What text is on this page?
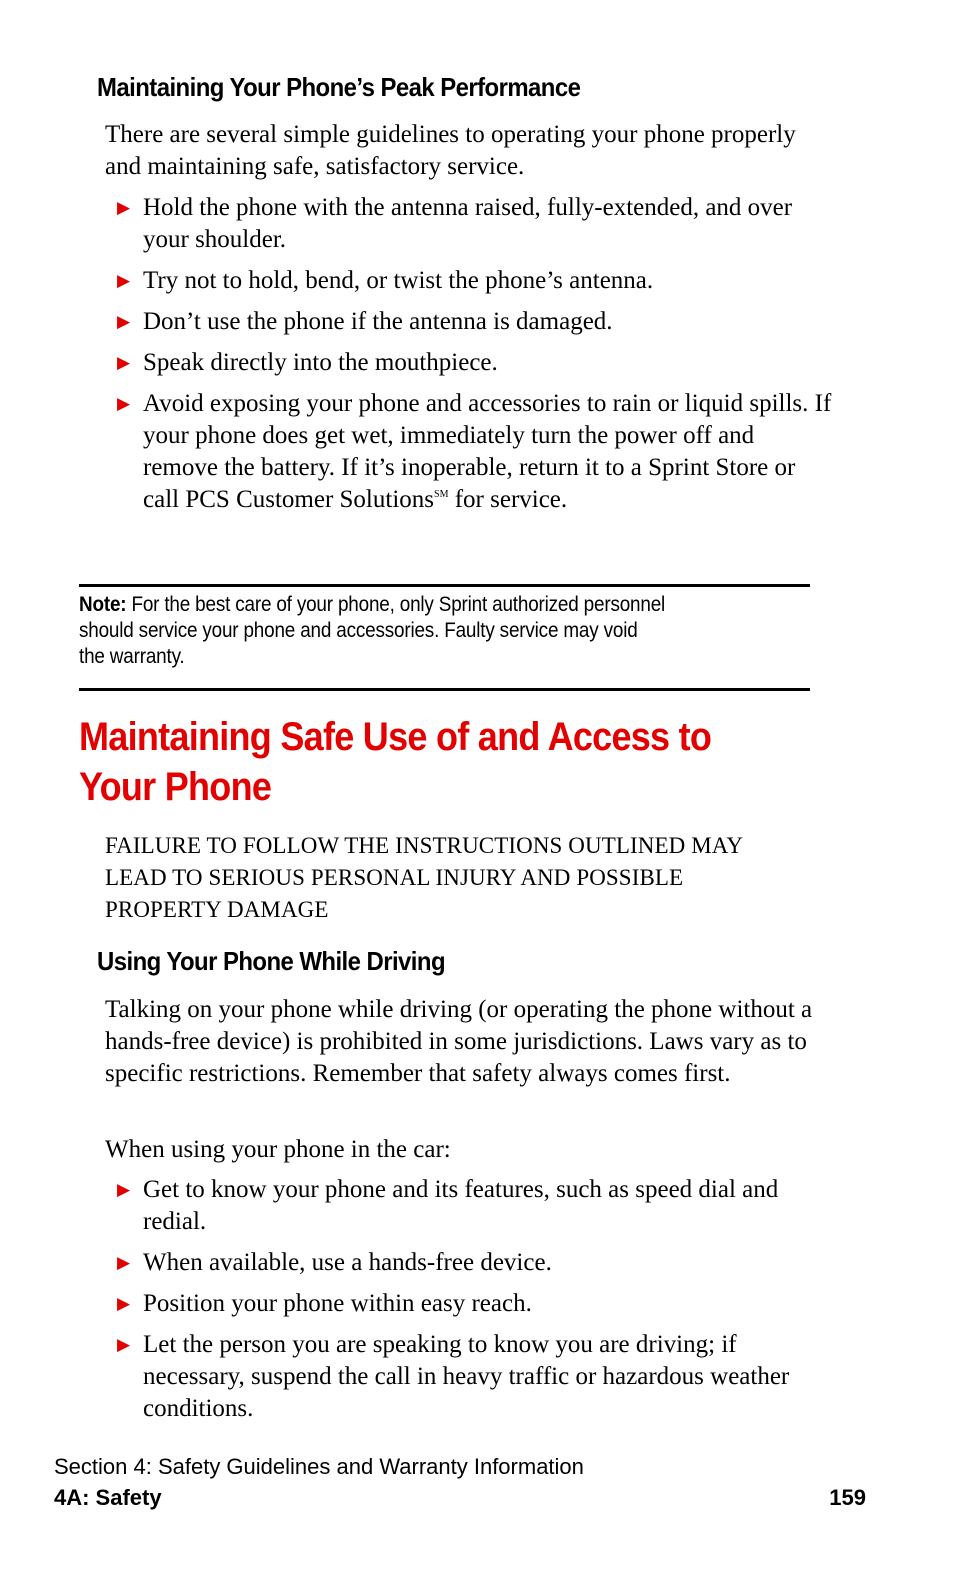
Maintaining Your Phone’s Peak Performance

There are several simple guidelines to operating your phone properly and maintaining safe, satisfactory service.

▶ Hold the phone with the antenna raised, fully-extended, and over your shoulder.
▶ Try not to hold, bend, or twist the phone’s antenna.
▶ Don’t use the phone if the antenna is damaged.
▶ Speak directly into the mouthpiece.
▶ Avoid exposing your phone and accessories to rain or liquid spills. If your phone does get wet, immediately turn the power off and remove the battery. If it’s inoperable, return it to a Sprint Store or call PCS Customer Solutions℠ for service.

Note: For the best care of your phone, only Sprint authorized personnel
should service your phone and accessories. Faulty service may void
the warranty.

Maintaining Safe Use of and Access to
Your Phone

FAILURE TO FOLLOW THE INSTRUCTIONS OUTLINED MAY
LEAD TO SERIOUS PERSONAL INJURY AND POSSIBLE
PROPERTY DAMAGE

Using Your Phone While Driving

Talking on your phone while driving (or operating the phone without a hands-free device) is prohibited in some jurisdictions. Laws vary as to specific restrictions. Remember that safety always comes first.

When using your phone in the car:

▶ Get to know your phone and its features, such as speed dial and redial.
▶ When available, use a hands-free device.
▶ Position your phone within easy reach.
▶ Let the person you are speaking to know you are driving; if necessary, suspend the call in heavy traffic or hazardous weather conditions.

Section 4: Safety Guidelines and Warranty Information

4A: Safety	159
